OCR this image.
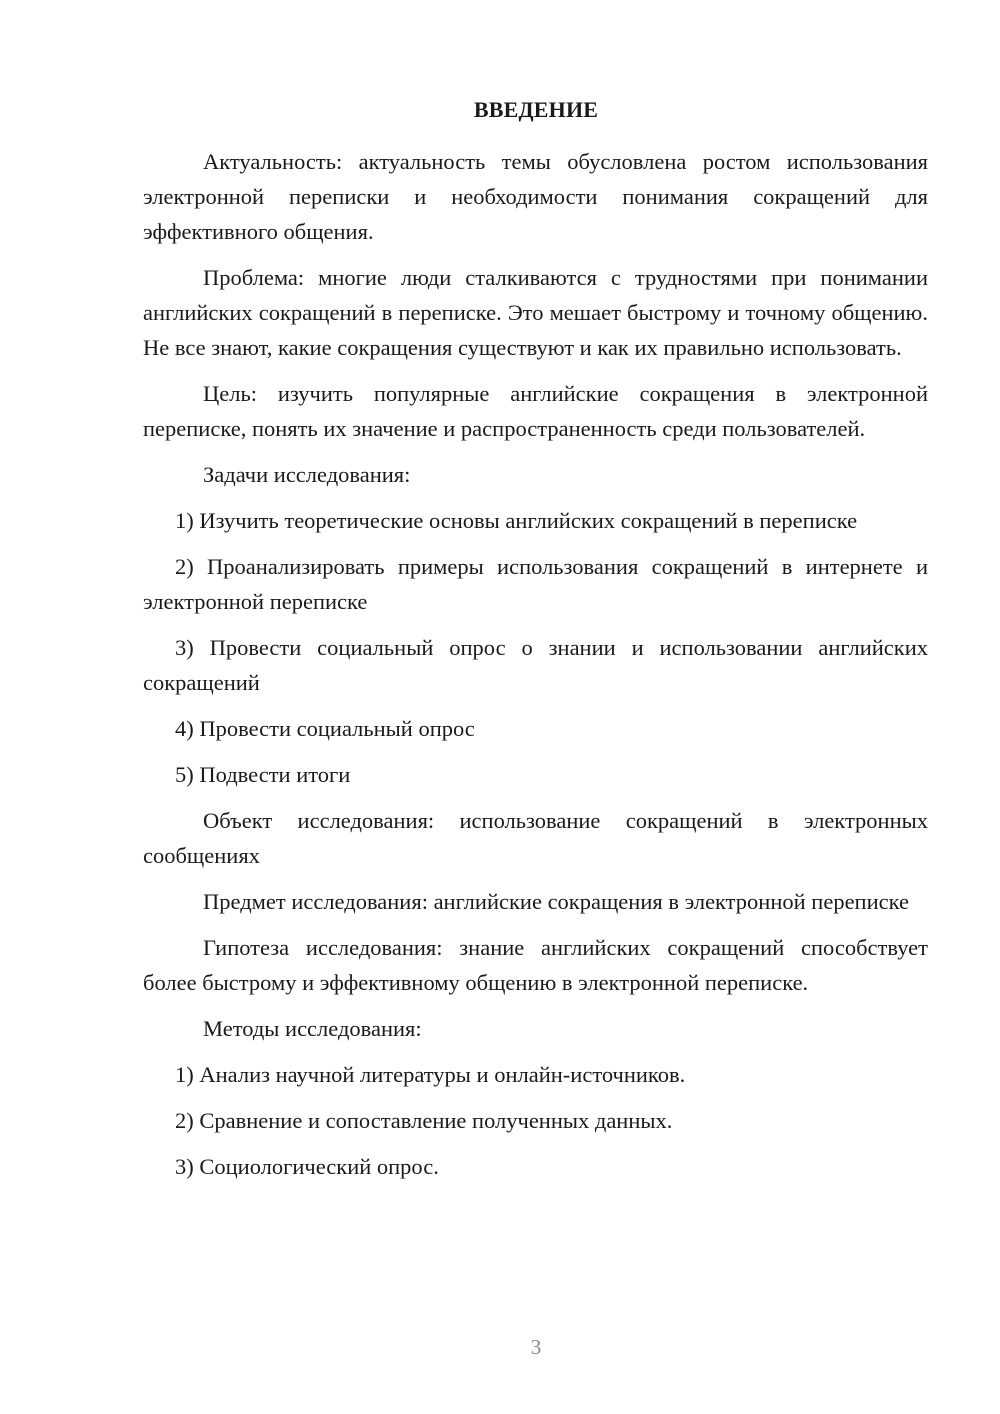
ВВЕДЕНИЕ

Актуальность: актуальность темы обусловлена ростом использования электронной переписки и необходимости понимания сокращений для эффективного общения.

Проблема: многие люди сталкиваются с трудностями при понимании английских сокращений в переписке. Это мешает быстрому и точному общению. Не все знают, какие сокращения существуют и как их правильно использовать.

Цель: изучить популярные английские сокращения в электронной переписке, понять их значение и распространенность среди пользователей.

Задачи исследования:

1) Изучить теоретические основы английских сокращений в переписке

2) Проанализировать примеры использования сокращений в интернете и электронной переписке

3) Провести социальный опрос о знании и использовании английских сокращений

4) Провести социальный опрос

5) Подвести итоги

Объект исследования: использование сокращений в электронных сообщениях

Предмет исследования: английские сокращения в электронной переписке

Гипотеза исследования: знание английских сокращений способствует более быстрому и эффективному общению в электронной переписке.

Методы исследования:

1) Анализ научной литературы и онлайн-источников.

2) Сравнение и сопоставление полученных данных.

3) Социологический опрос.

3
